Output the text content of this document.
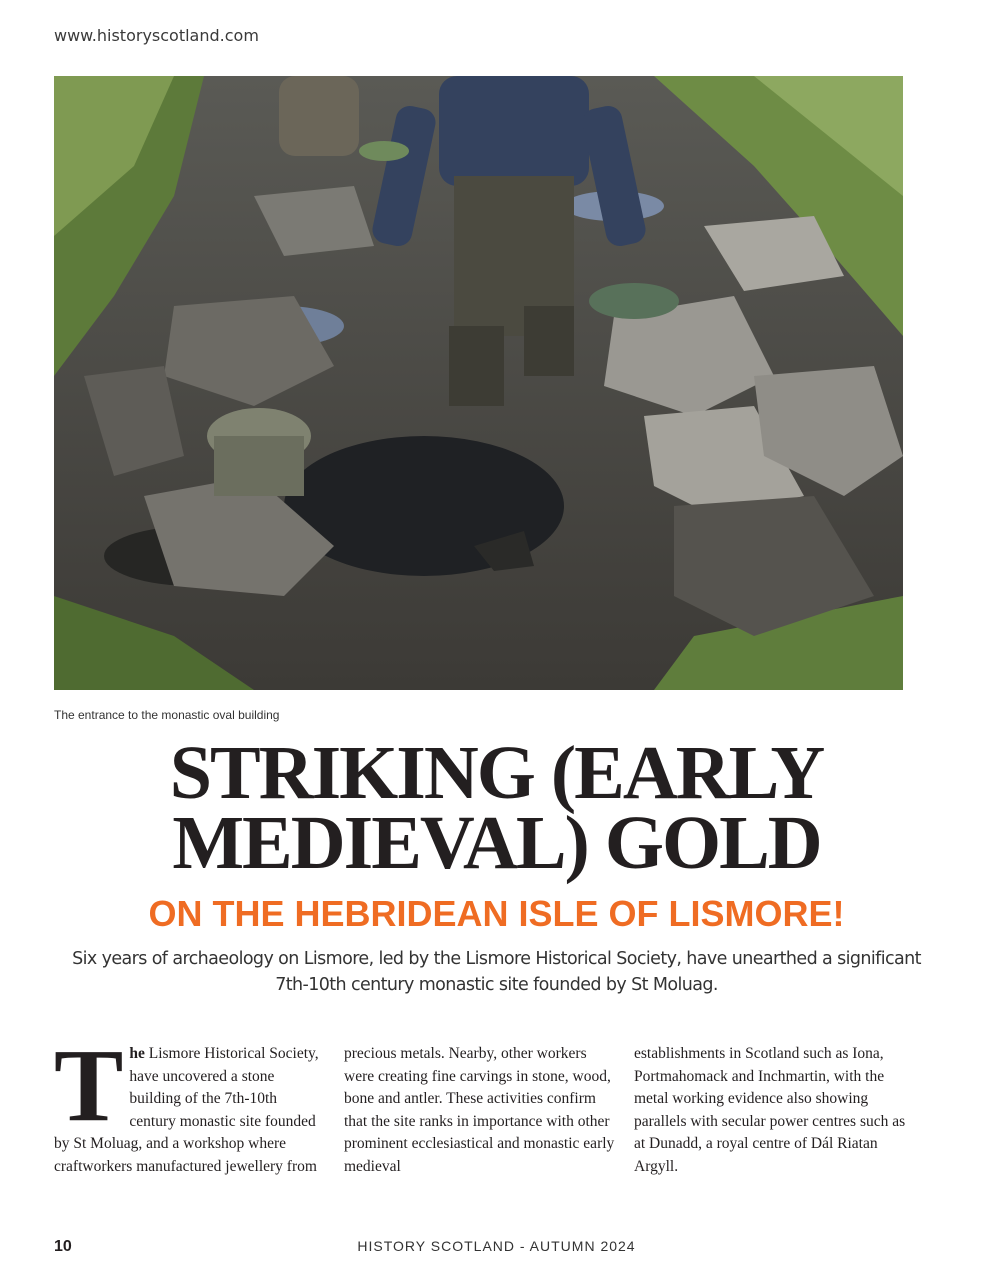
www.historyscotland.com
The entrance to the monastic oval building
STRIKING (EARLY MEDIEVAL) GOLD
ON THE HEBRIDEAN ISLE OF LISMORE!

Six years of archaeology on Lismore, led by the Lismore Historical Society, have unearthed a significant 7th-10th century monastic site founded by St Moluag.

The Lismore Historical Society, have uncovered a stone building of the 7th-10th century monastic site founded by St Moluag, and a workshop where craftworkers manufactured jewellery from

precious metals. Nearby, other workers were creating fine carvings in stone, wood, bone and antler. These activities confirm that the site ranks in importance with other prominent ecclesiastical and monastic early medieval

establishments in Scotland such as Iona, Portmahomack and Inchmartin, with the metal working evidence also showing parallels with secular power centres such as at Dunadd, a royal centre of Dál Riatan Argyll.

10	HISTORY SCOTLAND - AUTUMN 2024
